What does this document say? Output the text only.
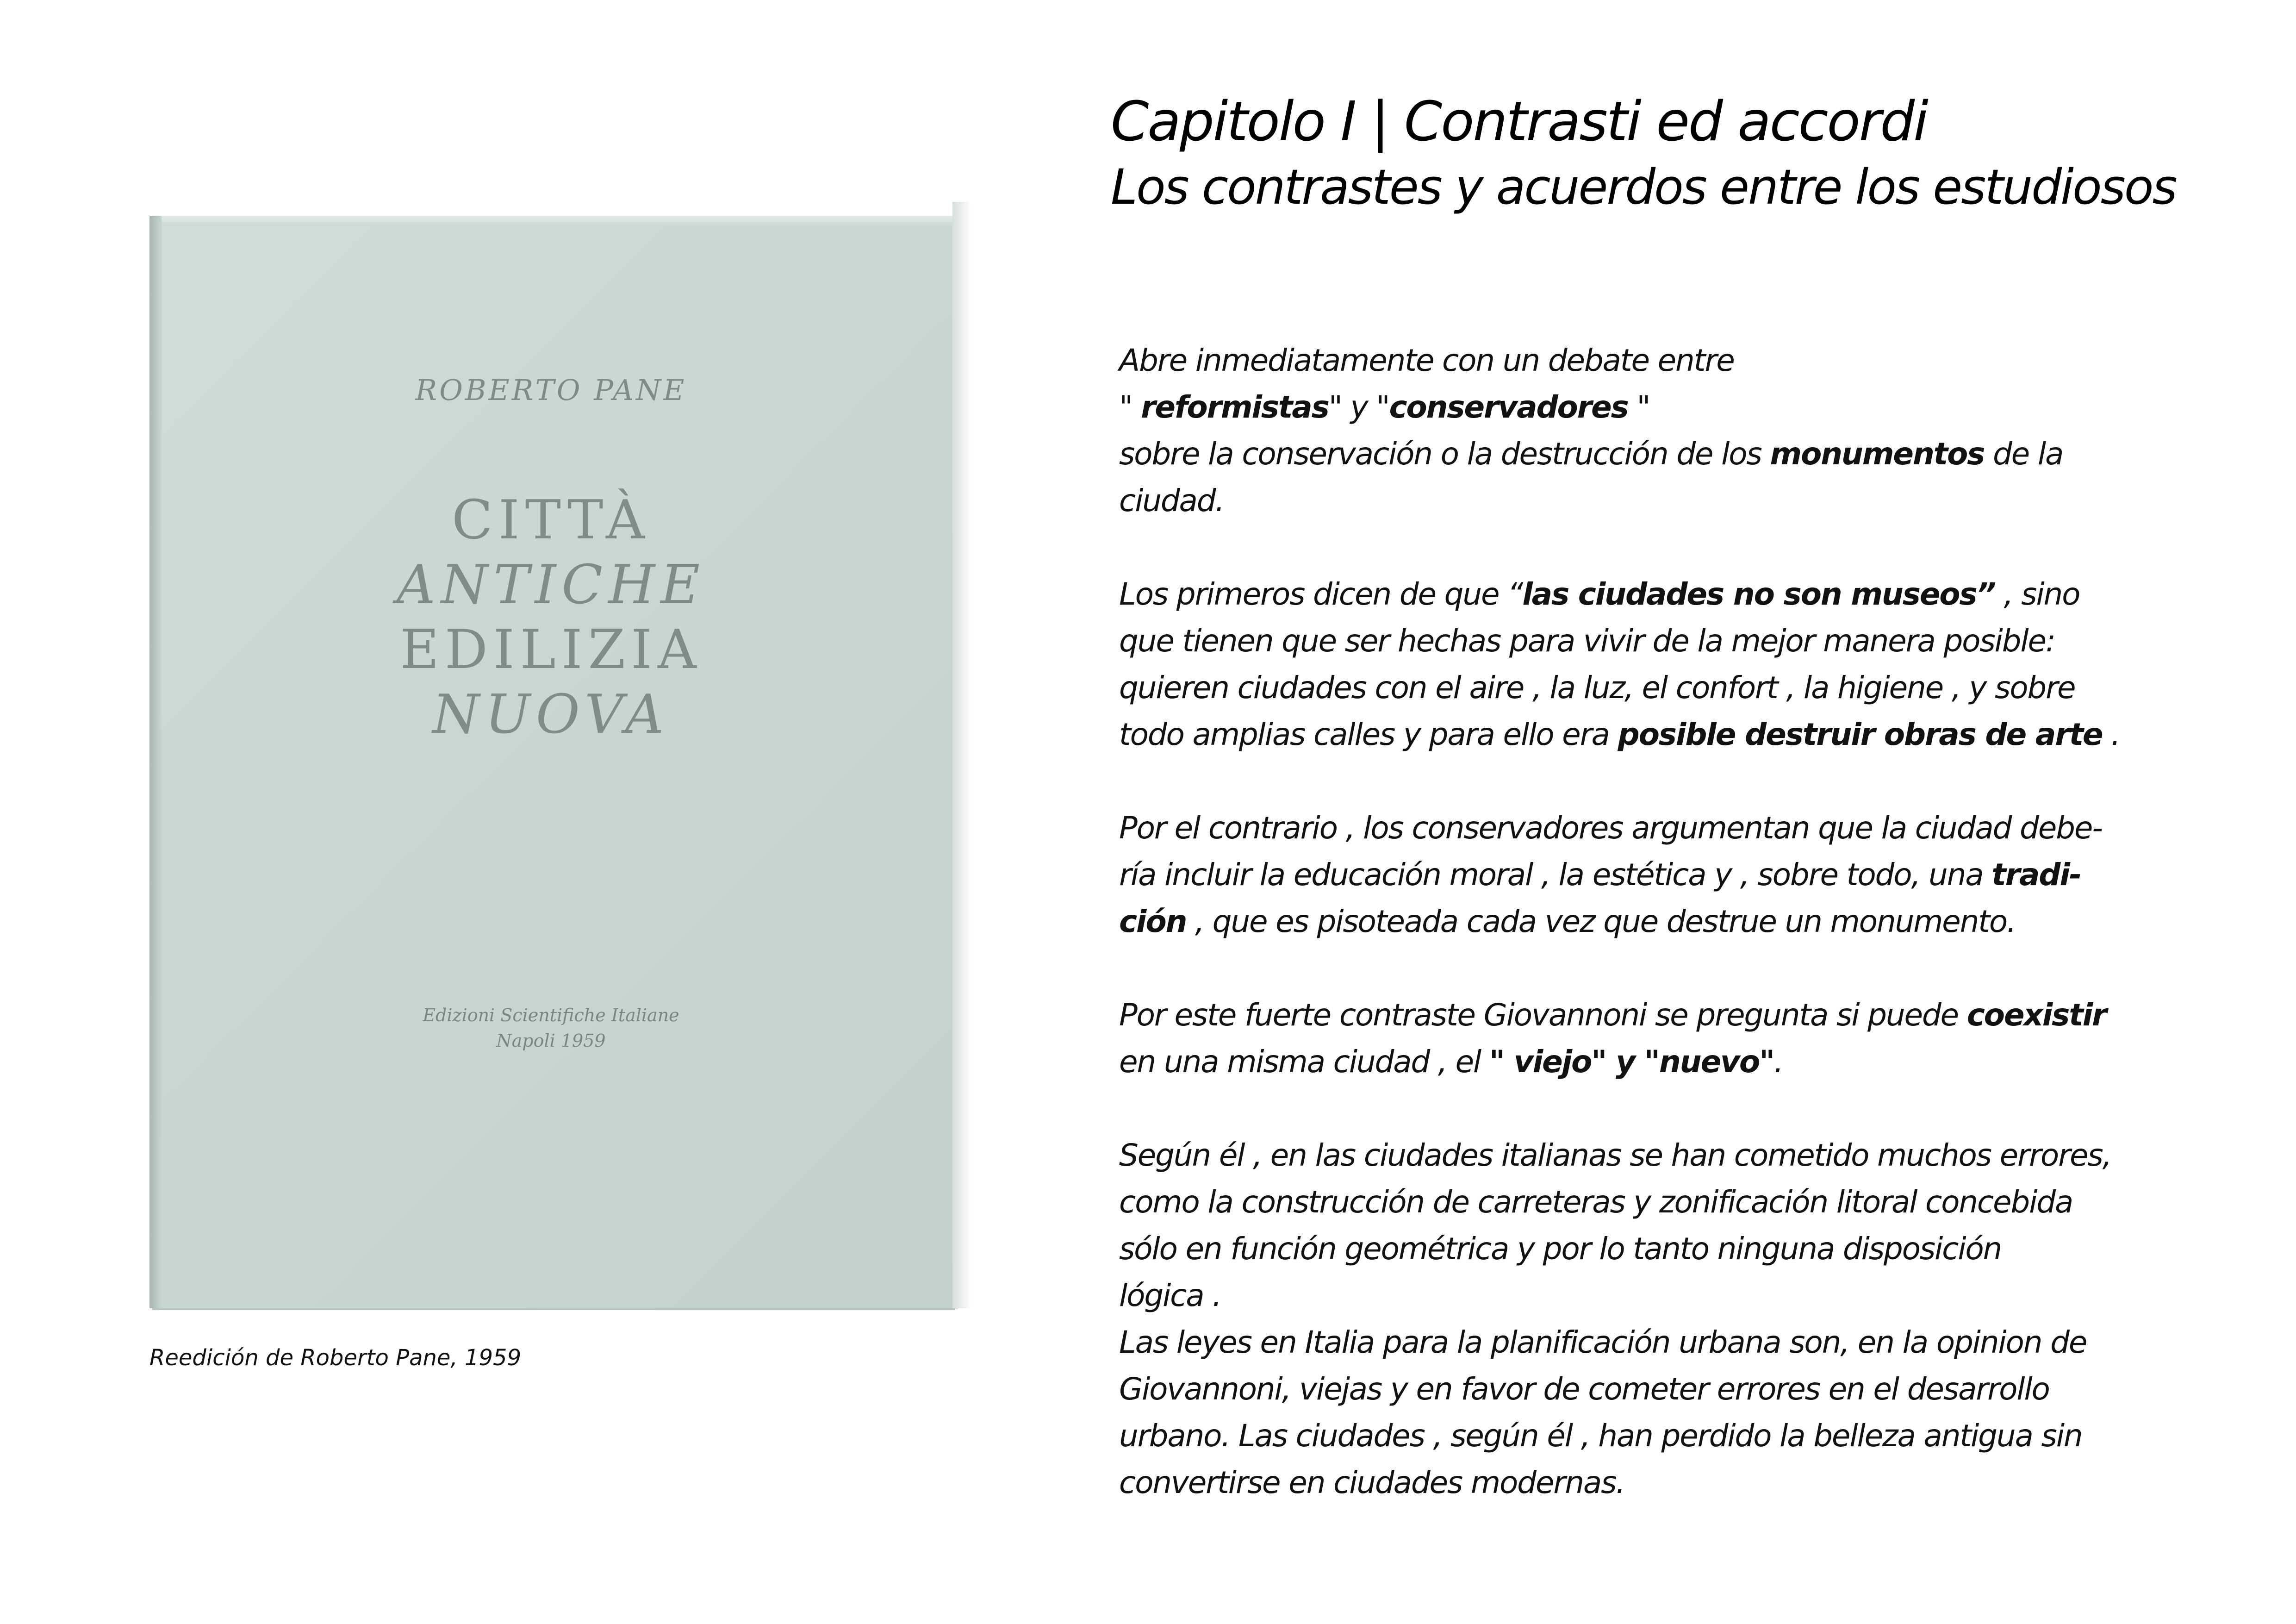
ROBERTO PANE
CITTÀ
ANTICHE
EDILIZIA
NUOVA
Edizioni Scientifiche Italiane
Napoli 1959
Reedición de Roberto Pane, 1959
Capitolo I | Contrasti ed accordi
Los contrastes y acuerdos entre los estudiosos
Abre inmediatamente con un debate entre
" reformistas" y "conservadores "
sobre la conservación o la destrucción de los monumentos de la
ciudad.
Los primeros dicen de que “las ciudades no son museos” , sino
que tienen que ser hechas para vivir de la mejor manera posible:
quieren ciudades con el aire , la luz, el confort , la higiene , y sobre
todo amplias calles y para ello era posible destruir obras de arte .
Por el contrario , los conservadores argumentan que la ciudad debe-
ría incluir la educación moral , la estética y , sobre todo, una tradi-
ción , que es pisoteada cada vez que destrue un monumento.
Por este fuerte contraste Giovannoni se pregunta si puede coexistir
en una misma ciudad , el " viejo" y "nuevo".
Según él , en las ciudades italianas se han cometido muchos errores,
como la construcción de carreteras y zonificación litoral concebida
sólo en función geométrica y por lo tanto ninguna disposición
lógica .
Las leyes en Italia para la planificación urbana son, en la opinion de
Giovannoni, viejas y en favor de cometer errores en el desarrollo
urbano. Las ciudades , según él , han perdido la belleza antigua sin
convertirse en ciudades modernas.
